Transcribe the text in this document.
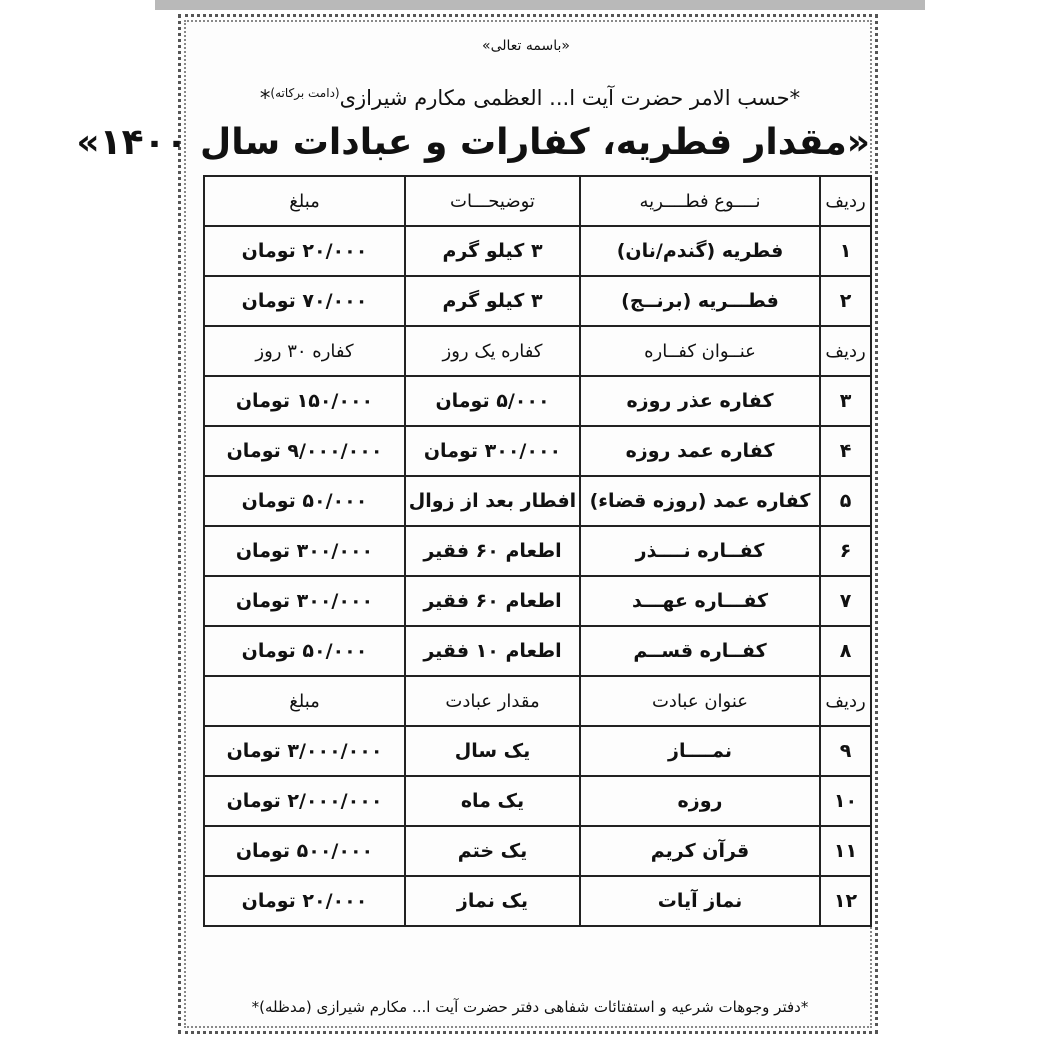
«باسمه تعالی»
*حسب الامر حضرت آیت ا... العظمی مکارم شیرازی$^{(دامت برکاته)}$*
«مقدار فطریه، کفارات و عبادات سال ۱۴۰۰»
ردیف	نــــوع فطــــریه	توضیحـــات	مبلغ
۱	فطریه (گندم/نان)	۳ کیلو گرم	۲۰/۰۰۰ تومان
۲	فطـــریه (برنــج)	۳ کیلو گرم	۷۰/۰۰۰ تومان
ردیف	عنــوان کفــاره	کفاره یک روز	کفاره ۳۰ روز
۳	کفاره عذر روزه	۵/۰۰۰ تومان	۱۵۰/۰۰۰ تومان
۴	کفاره عمد روزه	۳۰۰/۰۰۰ تومان	۹/۰۰۰/۰۰۰ تومان
۵	کفاره عمد (روزه قضاء)	افطار بعد از زوال	۵۰/۰۰۰ تومان
۶	کفــاره نــــذر	اطعام ۶۰ فقیر	۳۰۰/۰۰۰ تومان
۷	کفـــاره عهـــد	اطعام ۶۰ فقیر	۳۰۰/۰۰۰ تومان
۸	کفــاره قســم	اطعام ۱۰ فقیر	۵۰/۰۰۰ تومان
ردیف	عنوان عبادت	مقدار عبادت	مبلغ
۹	نمــــاز	یک سال	۳/۰۰۰/۰۰۰ تومان
۱۰	روزه	یک ماه	۲/۰۰۰/۰۰۰ تومان
۱۱	قرآن کریم	یک ختم	۵۰۰/۰۰۰ تومان
۱۲	نماز آیات	یک نماز	۲۰/۰۰۰ تومان
*دفتر وجوهات شرعیه و استفتائات شفاهی دفتر حضرت آیت ا... مکارم شیرازی (مدظله)*
